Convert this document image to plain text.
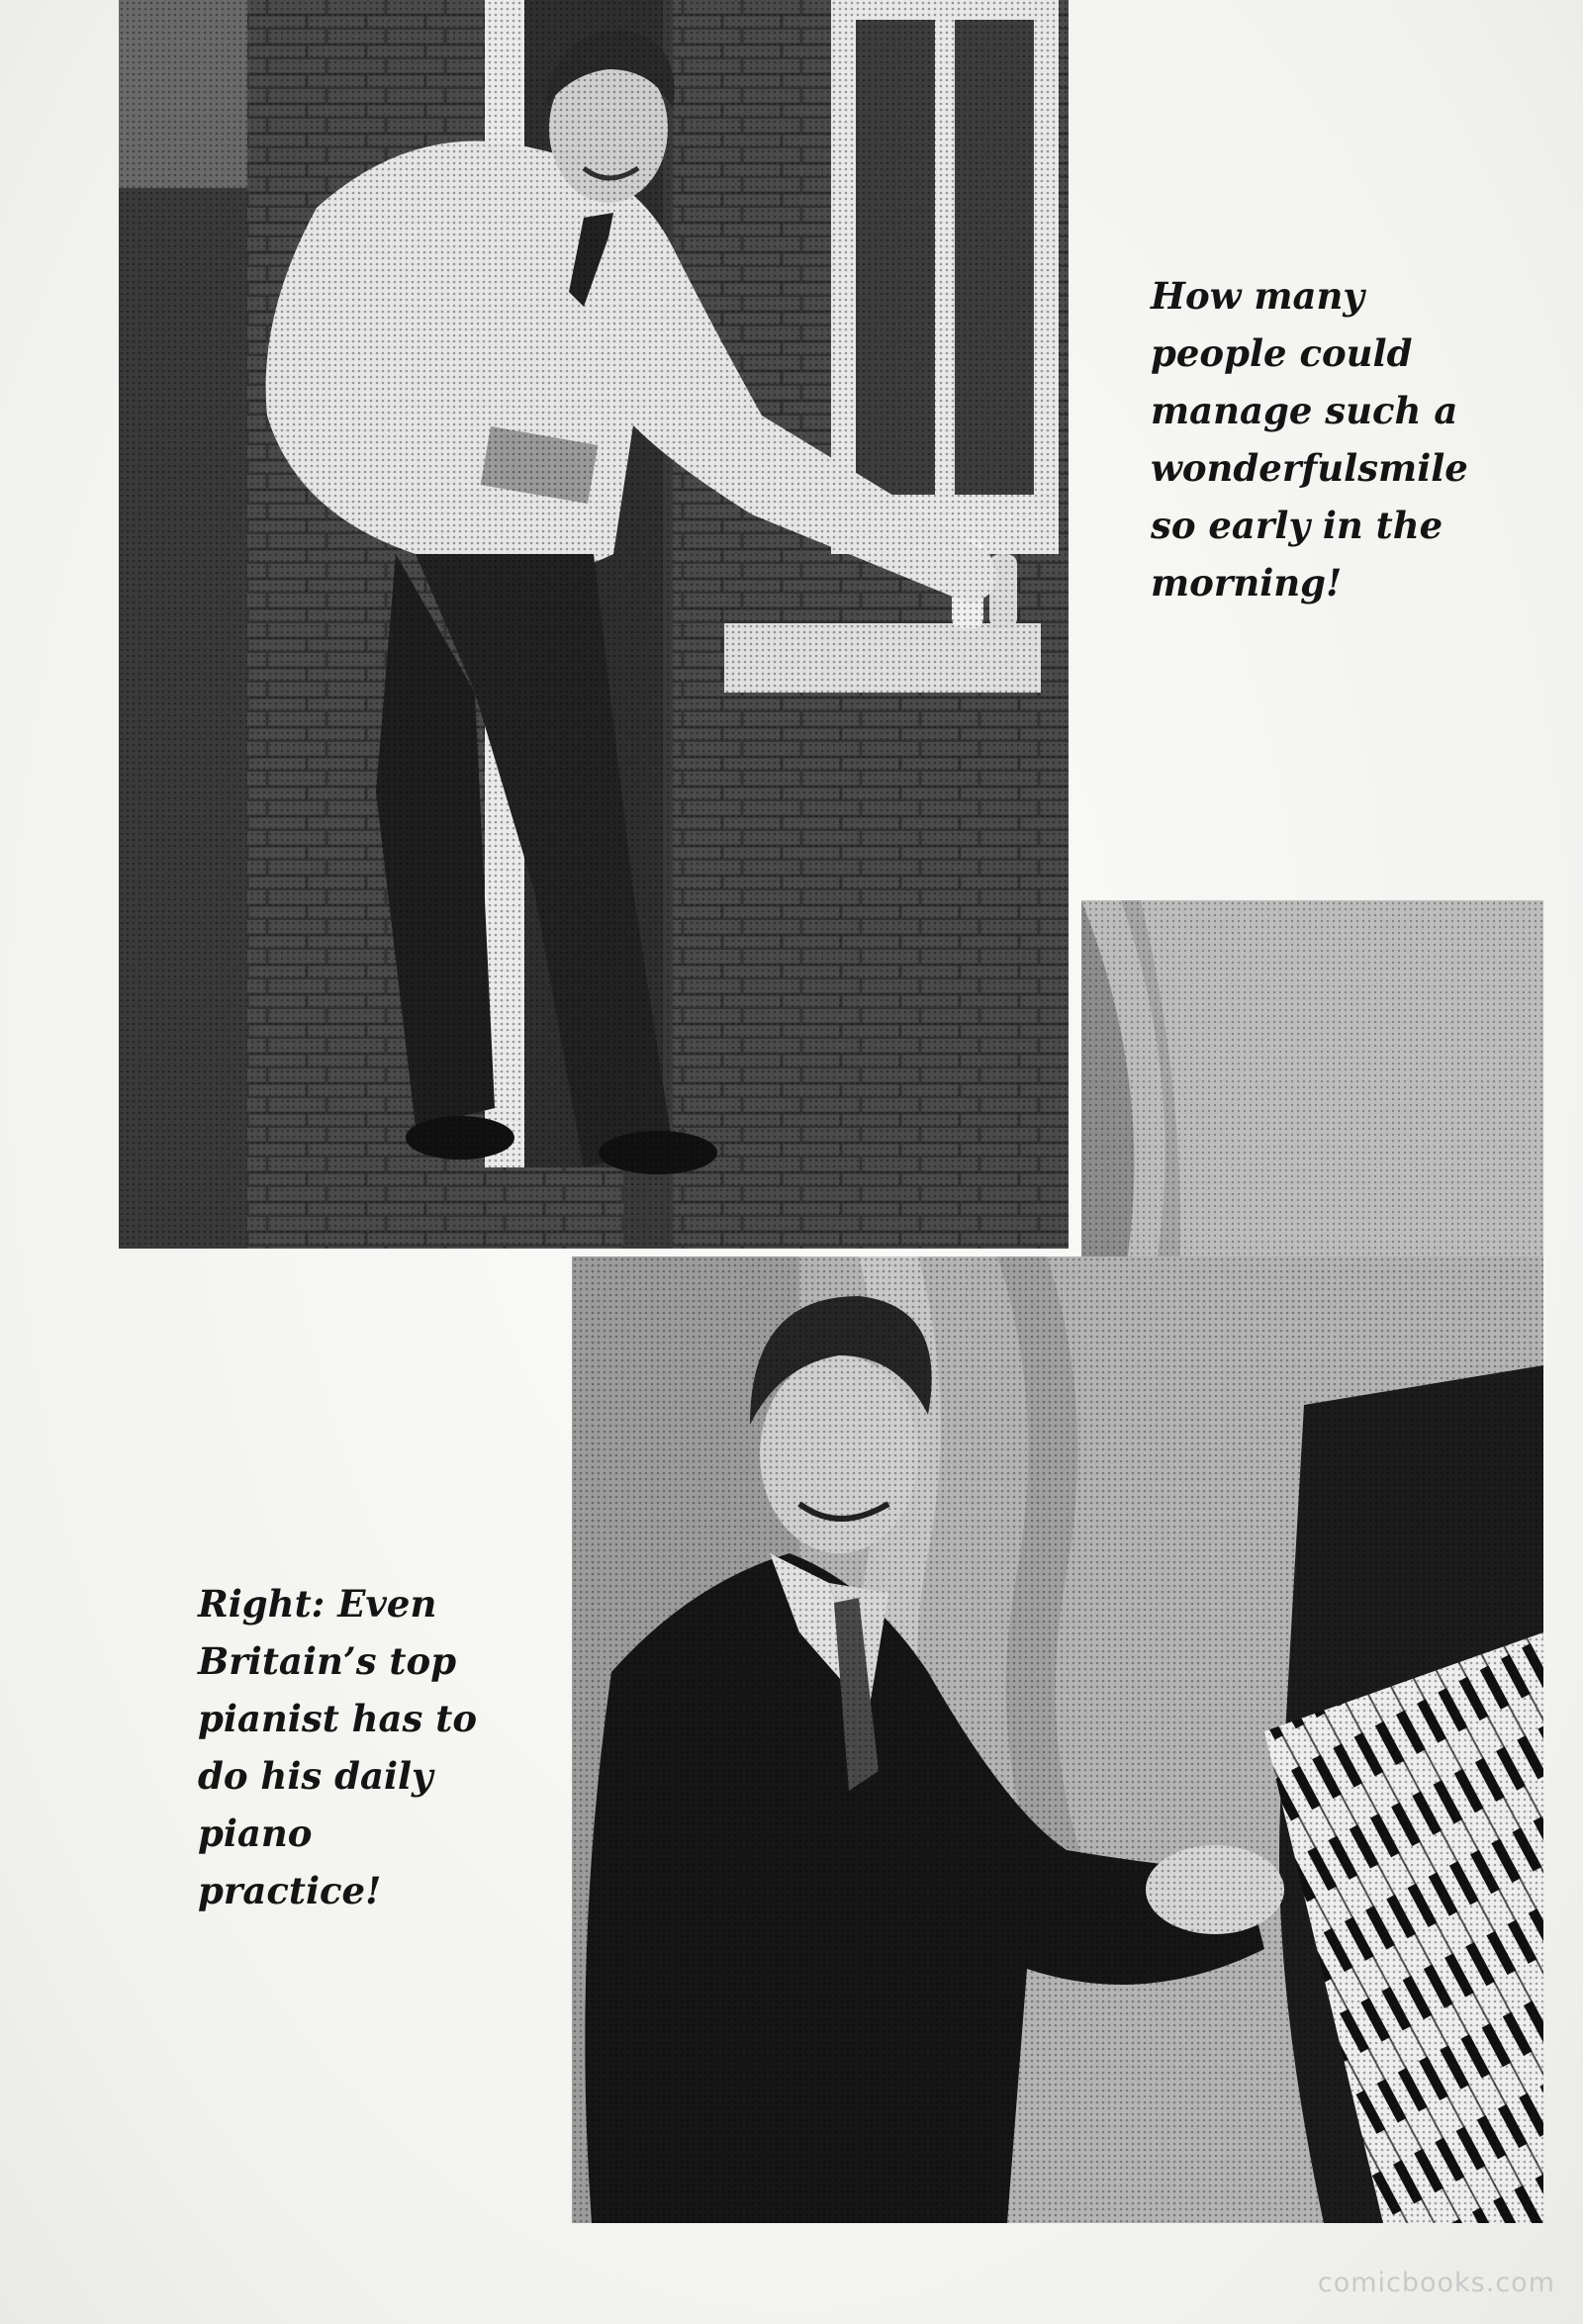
How many
people could
manage such a
wonderfulsmile
so early in the
morning!
Right: Even
Britain’s top
pianist has to
do his daily
piano
practice!
comicbooks.com
